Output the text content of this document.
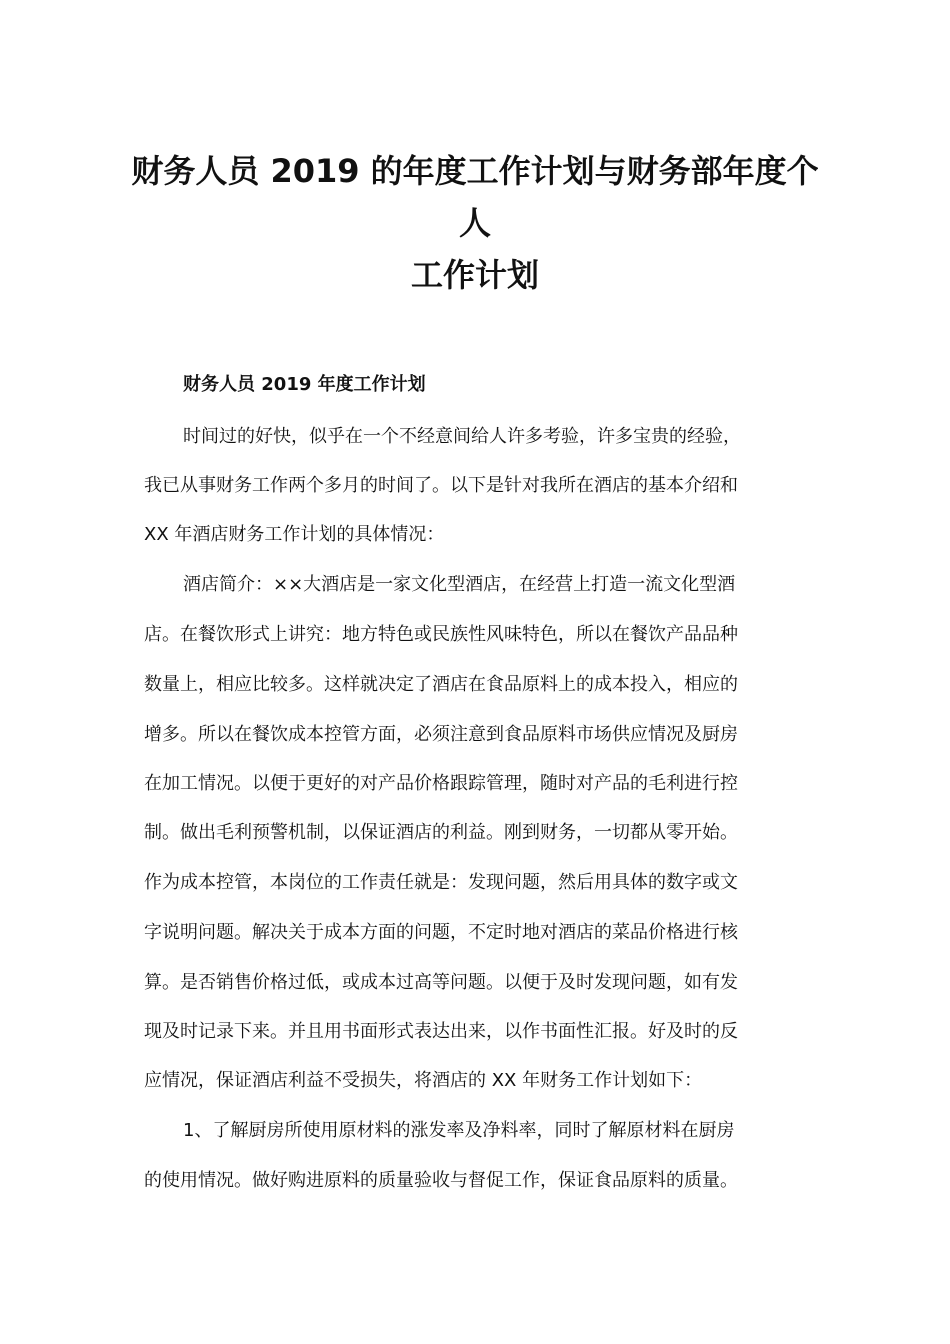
财务人员 2019 的年度工作计划与财务部年度个人
工作计划
财务人员 2019 年度工作计划

时间过的好快，似乎在一个不经意间给人许多考验，许多宝贵的经验，

我已从事财务工作两个多月的时间了。以下是针对我所在酒店的基本介绍和

XX 年酒店财务工作计划的具体情况：

酒店简介：××大酒店是一家文化型酒店，在经营上打造一流文化型酒

店。在餐饮形式上讲究：地方特色或民族性风味特色，所以在餐饮产品品种

数量上，相应比较多。这样就决定了酒店在食品原料上的成本投入，相应的

增多。所以在餐饮成本控管方面，必须注意到食品原料市场供应情况及厨房

在加工情况。以便于更好的对产品价格跟踪管理，随时对产品的毛利进行控

制。做出毛利预警机制，以保证酒店的利益。刚到财务，一切都从零开始。

作为成本控管，本岗位的工作责任就是：发现问题，然后用具体的数字或文

字说明问题。解决关于成本方面的问题，不定时地对酒店的菜品价格进行核

算。是否销售价格过低，或成本过高等问题。以便于及时发现问题，如有发

现及时记录下来。并且用书面形式表达出来，以作书面性汇报。好及时的反

应情况，保证酒店利益不受损失，将酒店的 XX 年财务工作计划如下：

1、了解厨房所使用原材料的涨发率及净料率，同时了解原材料在厨房

的使用情况。做好购进原料的质量验收与督促工作，保证食品原料的质量。
